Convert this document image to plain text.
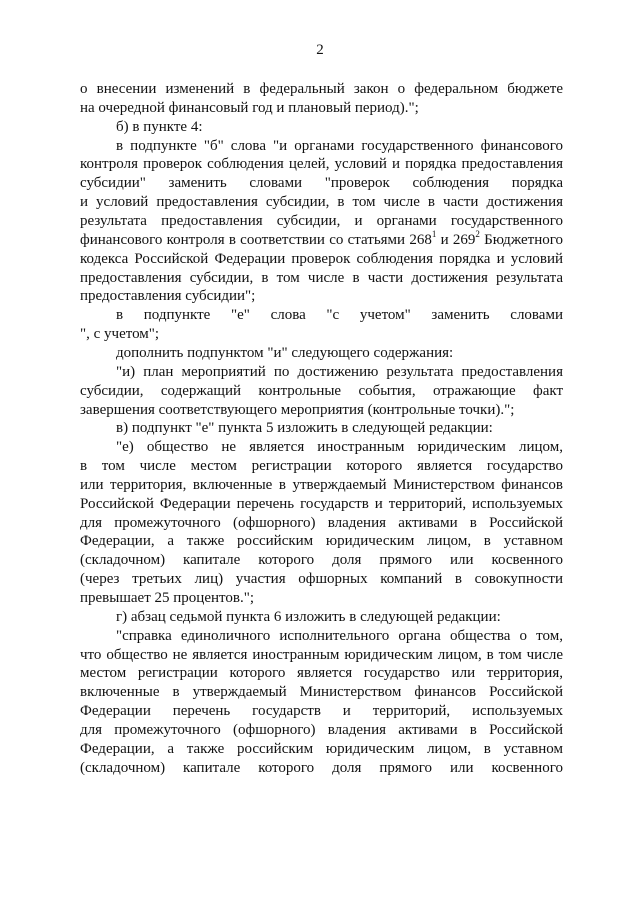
2
о внесении изменений в федеральный закон о федеральном бюджете
на очередной финансовый год и плановый период).";
б) в пункте 4:
в подпункте "б" слова "и органами государственного финансового
контроля проверок соблюдения целей, условий и порядка предоставления
субсидии" заменить словами "проверок соблюдения порядка
и условий предоставления субсидии, в том числе в части достижения
результата предоставления субсидии, и органами государственного
финансового контроля в соответствии со статьями $268^1$ и $269^2$ Бюджетного
кодекса Российской Федерации проверок соблюдения порядка и условий
предоставления субсидии, в том числе в части достижения результата
предоставления субсидии";
в подпункте "е" слова "с учетом" заменить словами
", с учетом";
дополнить подпунктом "и" следующего содержания:
"и) план мероприятий по достижению результата предоставления
субсидии, содержащий контрольные события, отражающие факт
завершения соответствующего мероприятия (контрольные точки).";
в) подпункт "е" пункта 5 изложить в следующей редакции:
"е) общество не является иностранным юридическим лицом,
в том числе местом регистрации которого является государство
или территория, включенные в утверждаемый Министерством финансов
Российской Федерации перечень государств и территорий, используемых
для промежуточного (офшорного) владения активами в Российской
Федерации, а также российским юридическим лицом, в уставном
(складочном) капитале которого доля прямого или косвенного
(через третьих лиц) участия офшорных компаний в совокупности
превышает 25 процентов.";
г) абзац седьмой пункта 6 изложить в следующей редакции:
"справка единоличного исполнительного органа общества о том,
что общество не является иностранным юридическим лицом, в том числе
местом регистрации которого является государство или территория,
включенные в утверждаемый Министерством финансов Российской
Федерации перечень государств и территорий, используемых
для промежуточного (офшорного) владения активами в Российской
Федерации, а также российским юридическим лицом, в уставном
(складочном) капитале которого доля прямого или косвенного
